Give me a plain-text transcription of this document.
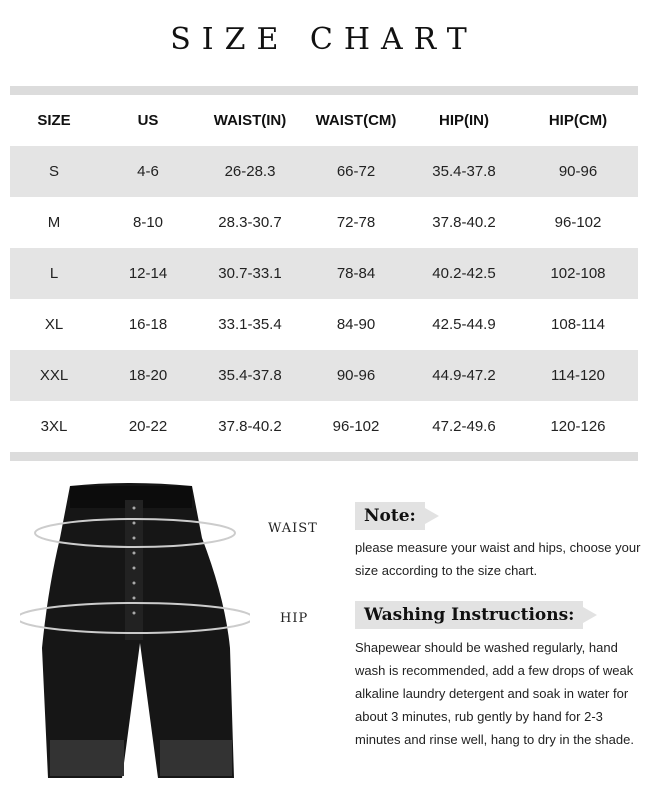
SIZE CHART
SIZE	US	WAIST(IN)	WAIST(CM)	HIP(IN)	HIP(CM)
S	4-6	26-28.3	66-72	35.4-37.8	90-96
M	8-10	28.3-30.7	72-78	37.8-40.2	96-102
L	12-14	30.7-33.1	78-84	40.2-42.5	102-108
XL	16-18	33.1-35.4	84-90	42.5-44.9	108-114
XXL	18-20	35.4-37.8	90-96	44.9-47.2	114-120
3XL	20-22	37.8-40.2	96-102	47.2-49.6	120-126
WAIST
HIP
Note:
please measure your waist and hips, choose your size according to the size chart.
Washing Instructions:
Shapewear should be washed regularly, hand wash is recommended, add a few drops of weak alkaline laundry detergent and soak in water for about 3 minutes, rub gently by hand for 2-3 minutes and rinse well, hang to dry in the shade.
